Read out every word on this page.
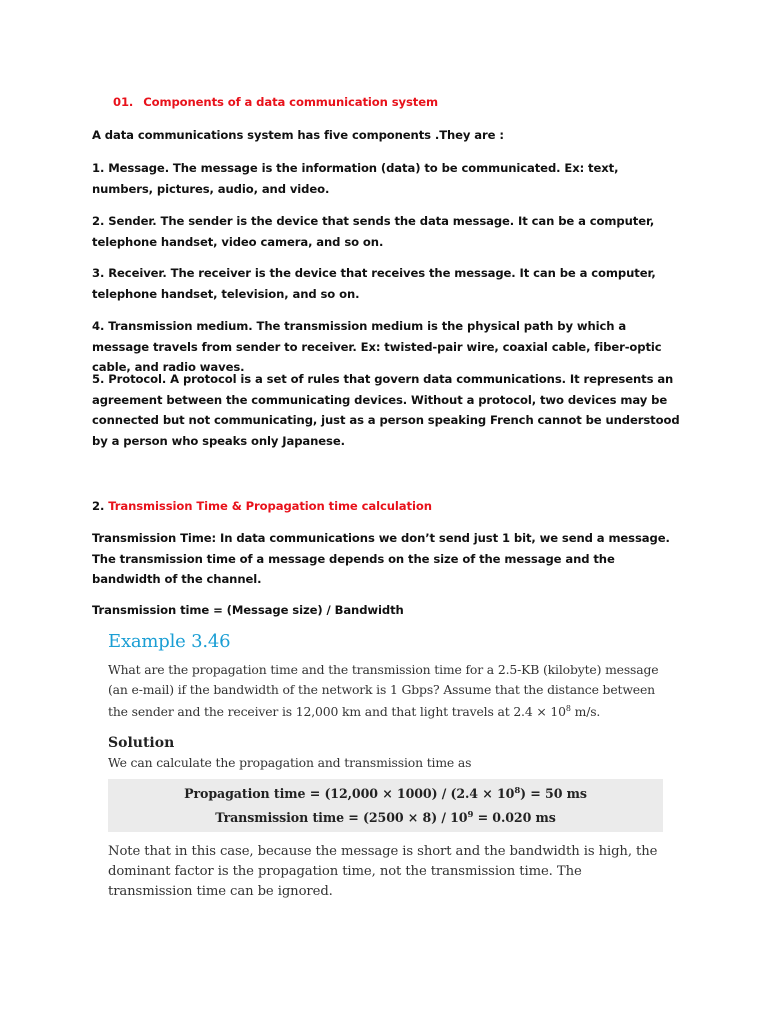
01. Components of a data communication system
A data communications system has five components .They are :
1. Message. The message is the information (data) to be communicated. Ex: text, numbers, pictures, audio, and video.
2. Sender. The sender is the device that sends the data message. It can be a computer, telephone handset, video camera, and so on.
3. Receiver. The receiver is the device that receives the message. It can be a computer, telephone handset, television, and so on.
4. Transmission medium. The transmission medium is the physical path by which a message travels from sender to receiver. Ex: twisted-pair wire, coaxial cable, fiber-optic cable, and radio waves.
5. Protocol. A protocol is a set of rules that govern data communications. It represents an agreement between the communicating devices. Without a protocol, two devices may be connected but not communicating, just as a person speaking French cannot be understood by a person who speaks only Japanese.
2. Transmission Time & Propagation time calculation
Transmission Time: In data communications we don’t send just 1 bit, we send a message. The transmission time of a message depends on the size of the message and the bandwidth of the channel.
Transmission time = (Message size) / Bandwidth
Example 3.46
What are the propagation time and the transmission time for a 2.5-KB (kilobyte) message (an e-mail) if the bandwidth of the network is 1 Gbps? Assume that the distance between the sender and the receiver is 12,000 km and that light travels at $2.4 \times 10^8$ m/s.
Solution
We can calculate the propagation and transmission time as
Propagation time = $(12,000 \times 1000) / (2.4 \times 10^8) = 50$ ms
Transmission time = $(2500 \times 8) / 10^9 = 0.020$ ms
Note that in this case, because the message is short and the bandwidth is high, the dominant factor is the propagation time, not the transmission time. The transmission time can be ignored.
